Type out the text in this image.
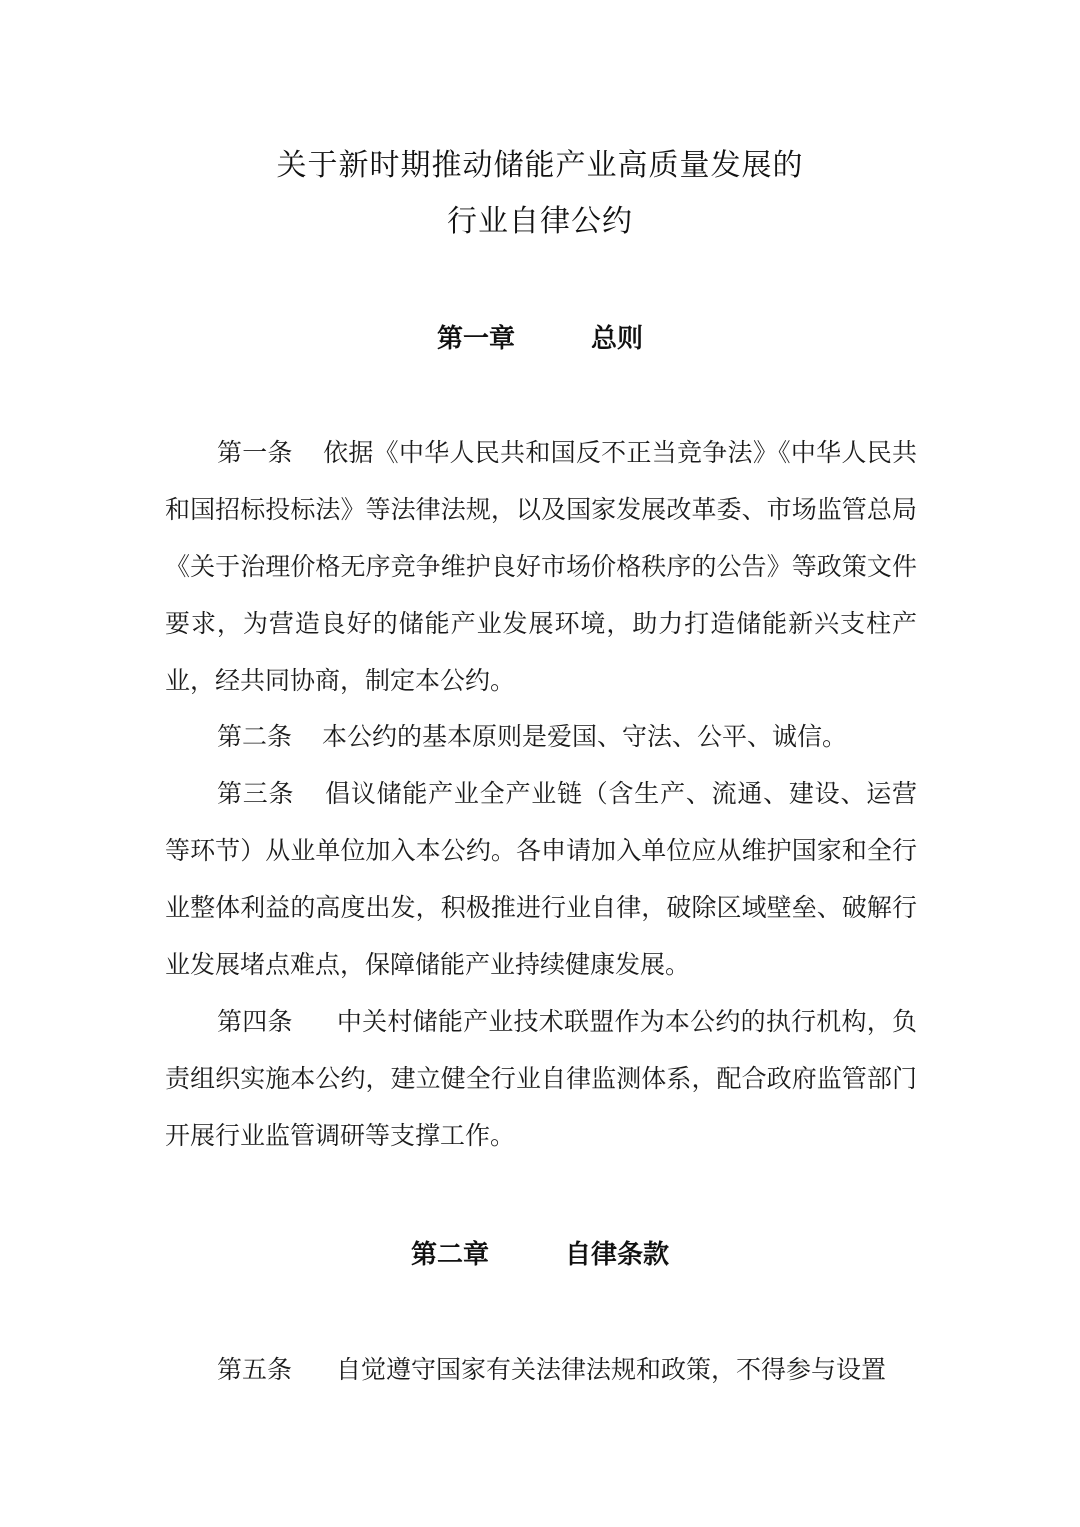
关于新时期推动储能产业高质量发展的
行业自律公约
第一章	总则

第一条 依据《中华人民共和国反不正当竞争法》《中华人民共和国招标投标法》等法律法规，以及国家发展改革委、市场监管总局《关于治理价格无序竞争维护良好市场价格秩序的公告》等政策文件要求，为营造良好的储能产业发展环境，助力打造储能新兴支柱产业，经共同协商，制定本公约。

第二条 本公约的基本原则是爱国、守法、公平、诚信。

第三条 倡议储能产业全产业链（含生产、流通、建设、运营等环节）从业单位加入本公约。各申请加入单位应从维护国家和全行业整体利益的高度出发，积极推进行业自律，破除区域壁垒、破解行业发展堵点难点，保障储能产业持续健康发展。

第四条 中关村储能产业技术联盟作为本公约的执行机构，负责组织实施本公约，建立健全行业自律监测体系，配合政府监管部门开展行业监管调研等支撑工作。

第二章	自律条款

第五条 自觉遵守国家有关法律法规和政策，不得参与设置
